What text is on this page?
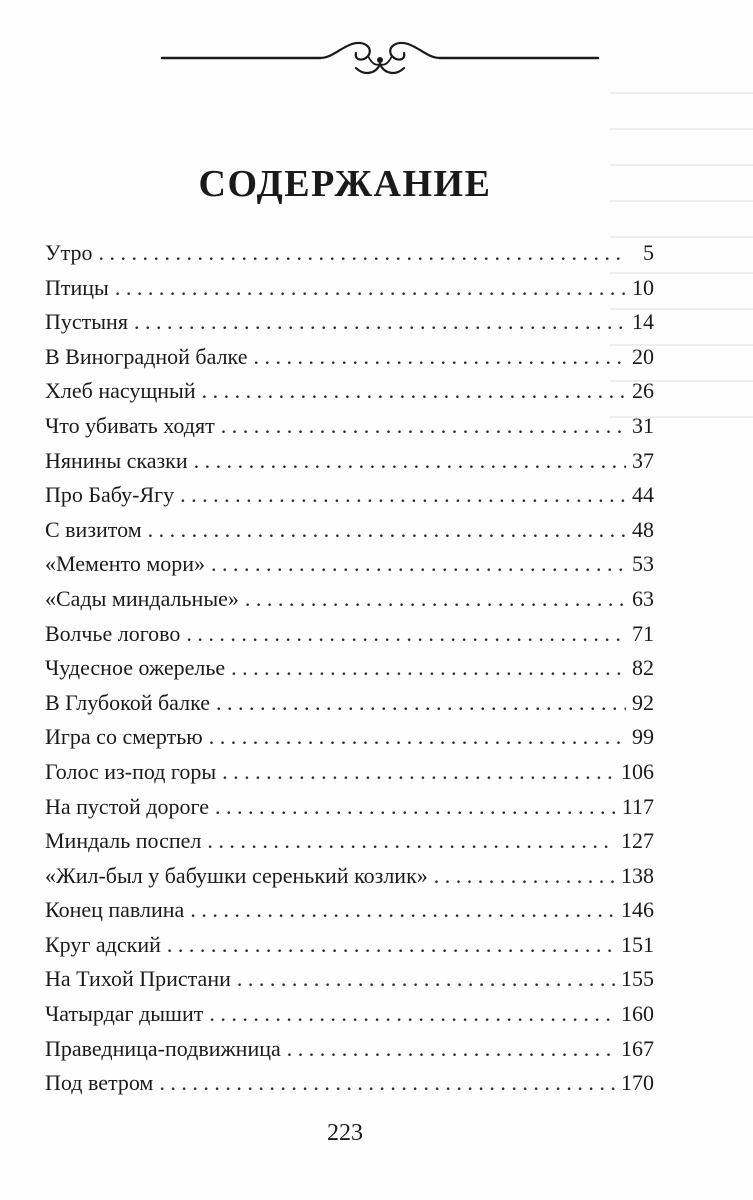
СОДЕРЖАНИЕ
Утро . . .	5
Птицы . . .	10
Пустыня . . .	14
В Виноградной балке . . .	20
Хлеб насущный . . .	26
Что убивать ходят . . .	31
Нянины сказки . . .	37
Про Бабу-Ягу . . .	44
С визитом . . .	48
«Мементо мори» . . .	53
«Сады миндальные» . . .	63
Волчье логово . . .	71
Чудесное ожерелье . . .	82
В Глубокой балке . . .	92
Игра со смертью . . .	99
Голос из-под горы . . .	106
На пустой дороге . . .	117
Миндаль поспел . . .	127
«Жил-был у бабушки серенький козлик» . . .	138
Конец павлина . . .	146
Круг адский . . .	151
На Тихой Пристани . . .	155
Чатырдаг дышит . . .	160
Праведница-подвижница . . .	167
Под ветром . . .	170
223
